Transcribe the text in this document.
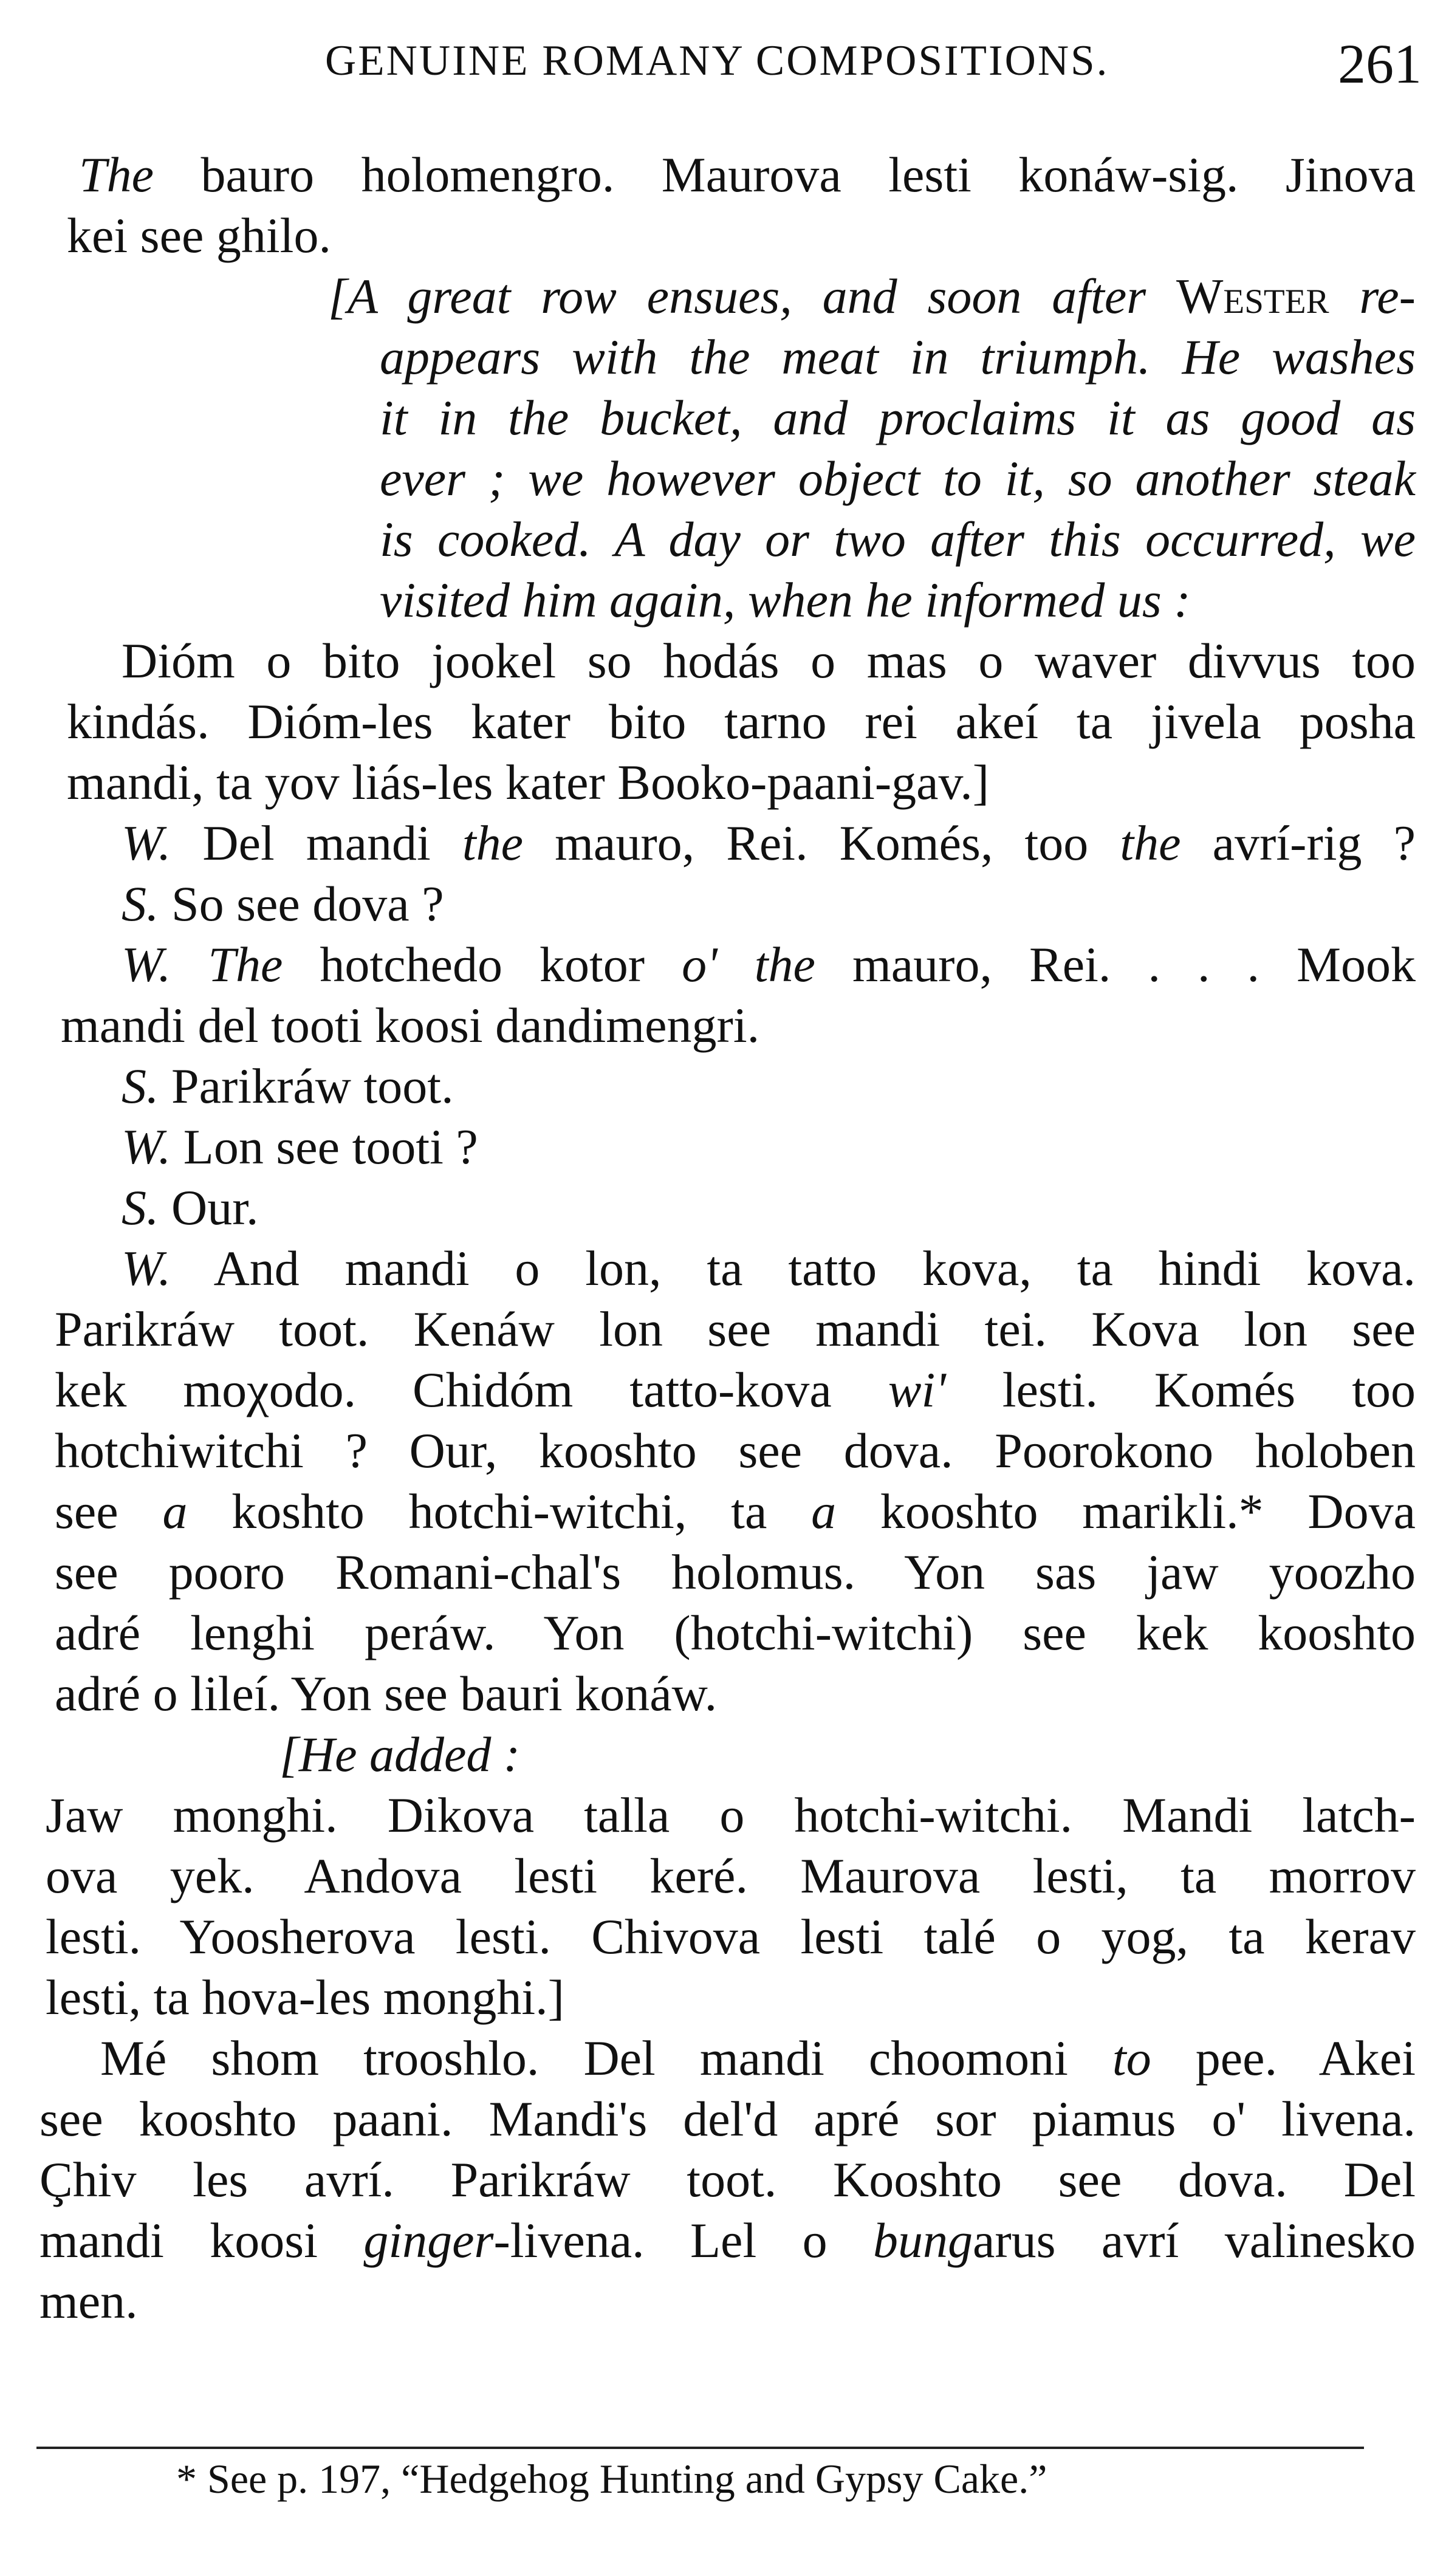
GENUINE ROMANY COMPOSITIONS.	261
The bauro holomengro. Maurova lesti konáw-sig. Jinova
kei see ghilo.
[A great row ensues, and soon after Wester re-
appears with the meat in triumph. He washes
it in the bucket, and proclaims it as good as
ever ; we however object to it, so another steak
is cooked. A day or two after this occurred, we
visited him again, when he informed us :
Dióm o bito jookel so hodás o mas o waver divvus too
kindás. Dióm-les kater bito tarno rei akeí ta jivela posha
mandi, ta yov liás-les kater Booko-paani-gav.]
W. Del mandi the mauro, Rei. Komés, too the avrí-rig ?
S. So see dova ?
W. The hotchedo kotor o' the mauro, Rei. . . . Mook
mandi del tooti koosi dandimengri.
S. Parikráw toot.
W. Lon see tooti ?
S. Our.
W. And mandi o lon, ta tatto kova, ta hindi kova.
Parikráw toot. Kenáw lon see mandi tei. Kova lon see
kek moχodo. Chidóm tatto-kova wi' lesti. Komés too
hotchiwitchi ? Our, kooshto see dova. Poorokono holoben
see a koshto hotchi-witchi, ta a kooshto marikli.* Dova
see pooro Romani-chal's holomus. Yon sas jaw yoozho
adré lenghi peráw. Yon (hotchi-witchi) see kek kooshto
adré o lileí. Yon see bauri konáw.
[He added :
Jaw monghi. Dikova talla o hotchi-witchi. Mandi latch-
ova yek. Andova lesti keré. Maurova lesti, ta morrov
lesti. Yoosherova lesti. Chivova lesti talé o yog, ta kerav
lesti, ta hova-les monghi.]
Mé shom trooshlo. Del mandi choomoni to pee. Akei
see kooshto paani. Mandi's del'd apré sor piamus o' livena.
Çhiv les avrí. Parikráw toot. Kooshto see dova. Del
mandi koosi ginger-livena. Lel o bungarus avrí valinesko
men.
* See p. 197, “Hedgehog Hunting and Gypsy Cake.”
